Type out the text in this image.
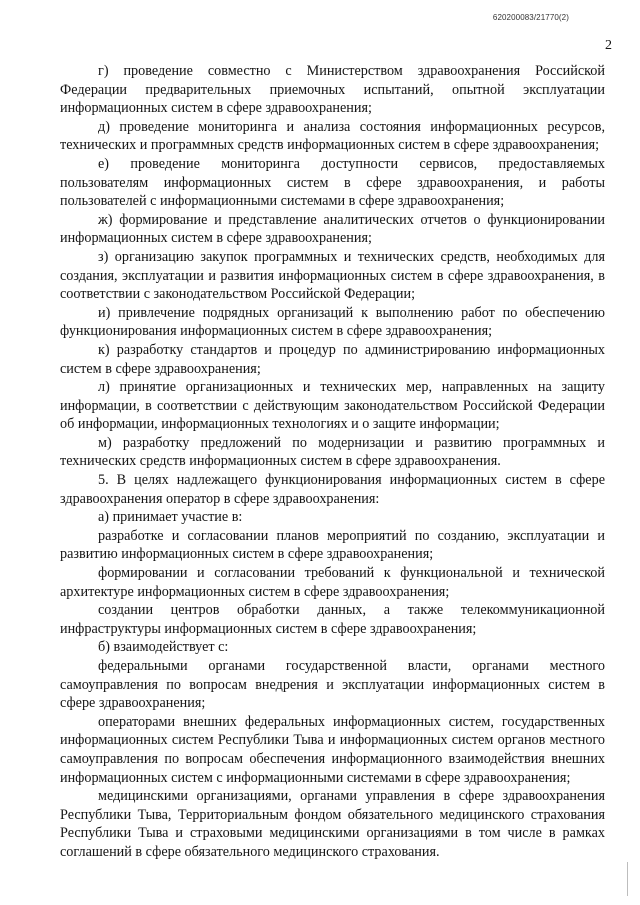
620200083/21770(2)
2

г) проведение совместно с Министерством здравоохранения Российской Федерации предварительных приемочных испытаний, опытной эксплуатации информационных систем в сфере здравоохранения;

д) проведение мониторинга и анализа состояния информационных ресурсов, технических и программных средств информационных систем в сфере здравоохранения;

е) проведение мониторинга доступности сервисов, предоставляемых пользователям информационных систем в сфере здравоохранения, и работы пользователей с информационными системами в сфере здравоохранения;

ж) формирование и представление аналитических отчетов о функционировании информационных систем в сфере здравоохранения;

з) организацию закупок программных и технических средств, необходимых для создания, эксплуатации и развития информационных систем в сфере здравоохранения, в соответствии с законодательством Российской Федерации;

и) привлечение подрядных организаций к выполнению работ по обеспечению функционирования информационных систем в сфере здравоохранения;

к) разработку стандартов и процедур по администрированию информационных систем в сфере здравоохранения;

л) принятие организационных и технических мер, направленных на защиту информации, в соответствии с действующим законодательством Российской Федерации об информации, информационных технологиях и о защите информации;

м) разработку предложений по модернизации и развитию программных и технических средств информационных систем в сфере здравоохранения.

5. В целях надлежащего функционирования информационных систем в сфере здравоохранения оператор в сфере здравоохранения:

а) принимает участие в:

разработке и согласовании планов мероприятий по созданию, эксплуатации и развитию информационных систем в сфере здравоохранения;

формировании и согласовании требований к функциональной и технической архитектуре информационных систем в сфере здравоохранения;

создании центров обработки данных, а также телекоммуникационной инфраструктуры информационных систем в сфере здравоохранения;

б) взаимодействует с:

федеральными органами государственной власти, органами местного самоуправления по вопросам внедрения и эксплуатации информационных систем в сфере здравоохранения;

операторами внешних федеральных информационных систем, государственных информационных систем Республики Тыва и информационных систем органов местного самоуправления по вопросам обеспечения информационного взаимодействия внешних информационных систем с информационными системами в сфере здравоохранения;

медицинскими организациями, органами управления в сфере здравоохранения Республики Тыва, Территориальным фондом обязательного медицинского страхования Республики Тыва и страховыми медицинскими организациями в том числе в рамках соглашений в сфере обязательного медицинского страхования.
